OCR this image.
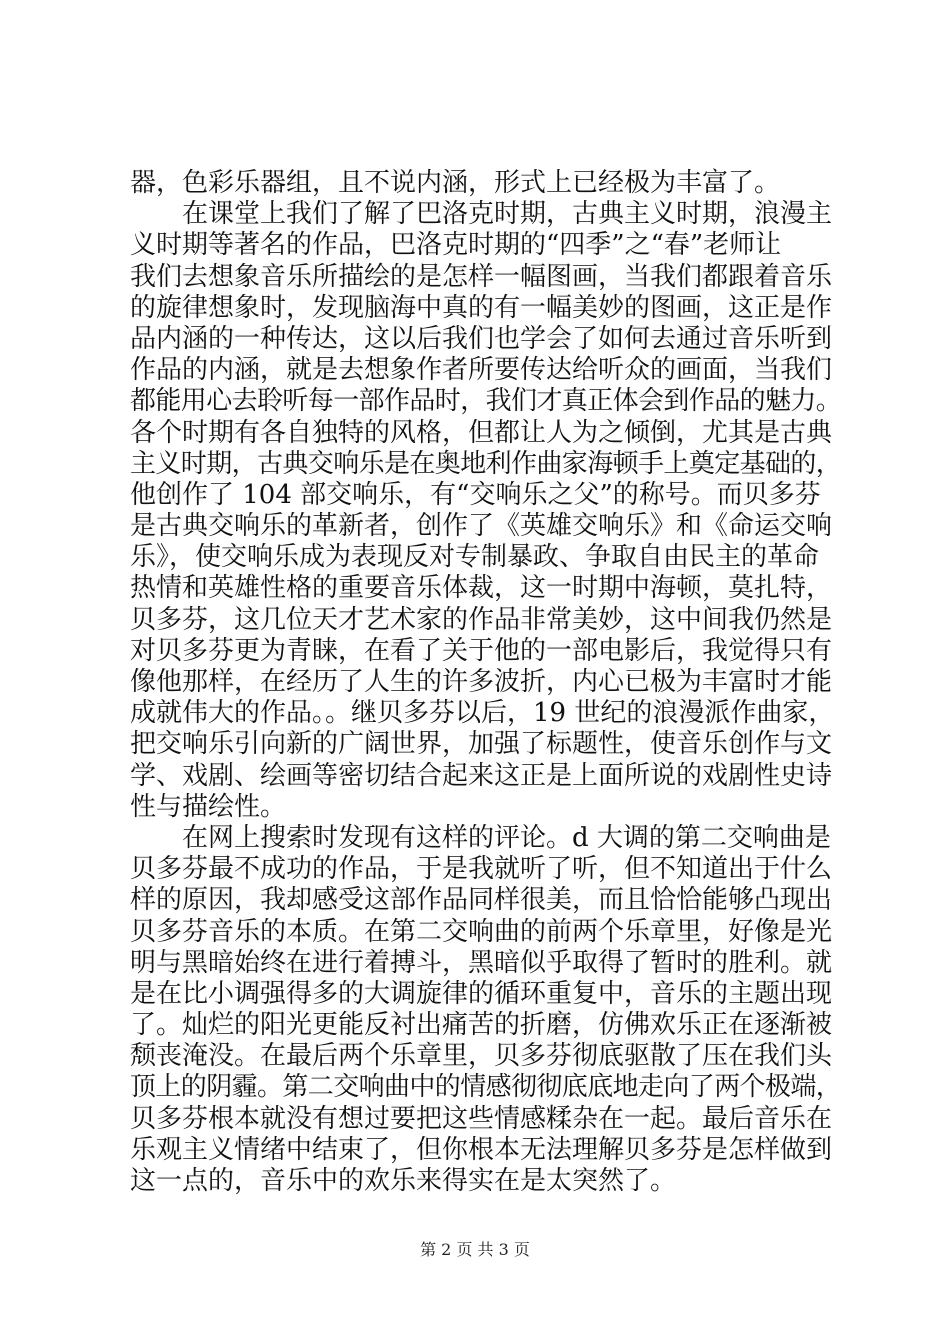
器，色彩乐器组，且不说内涵，形式上已经极为丰富了。
　　在课堂上我们了解了巴洛克时期，古典主义时期，浪漫主
义时期等著名的作品，巴洛克时期的“四季”之“春”老师让
我们去想象音乐所描绘的是怎样一幅图画，当我们都跟着音乐
的旋律想象时，发现脑海中真的有一幅美妙的图画，这正是作
品内涵的一种传达，这以后我们也学会了如何去通过音乐听到
作品的内涵，就是去想象作者所要传达给听众的画面，当我们
都能用心去聆听每一部作品时，我们才真正体会到作品的魅力。
各个时期有各自独特的风格，但都让人为之倾倒，尤其是古典
主义时期，古典交响乐是在奥地利作曲家海顿手上奠定基础的，
他创作了 104 部交响乐，有“交响乐之父”的称号。而贝多芬
是古典交响乐的革新者，创作了《英雄交响乐》和《命运交响
乐》，使交响乐成为表现反对专制暴政、争取自由民主的革命
热情和英雄性格的重要音乐体裁，这一时期中海顿，莫扎特，
贝多芬，这几位天才艺术家的作品非常美妙，这中间我仍然是
对贝多芬更为青睐，在看了关于他的一部电影后，我觉得只有
像他那样，在经历了人生的许多波折，内心已极为丰富时才能
成就伟大的作品。。继贝多芬以后，19 世纪的浪漫派作曲家，
把交响乐引向新的广阔世界，加强了标题性，使音乐创作与文
学、戏剧、绘画等密切结合起来这正是上面所说的戏剧性史诗
性与描绘性。
　　在网上搜索时发现有这样的评论。d 大调的第二交响曲是
贝多芬最不成功的作品，于是我就听了听，但不知道出于什么
样的原因，我却感受这部作品同样很美，而且恰恰能够凸现出
贝多芬音乐的本质。在第二交响曲的前两个乐章里，好像是光
明与黑暗始终在进行着搏斗，黑暗似乎取得了暂时的胜利。就
是在比小调强得多的大调旋律的循环重复中，音乐的主题出现
了。灿烂的阳光更能反衬出痛苦的折磨，仿佛欢乐正在逐渐被
颓丧淹没。在最后两个乐章里，贝多芬彻底驱散了压在我们头
顶上的阴霾。第二交响曲中的情感彻彻底底地走向了两个极端，
贝多芬根本就没有想过要把这些情感糅杂在一起。最后音乐在
乐观主义情绪中结束了，但你根本无法理解贝多芬是怎样做到
这一点的，音乐中的欢乐来得实在是太突然了。
第 2 页 共 3 页
